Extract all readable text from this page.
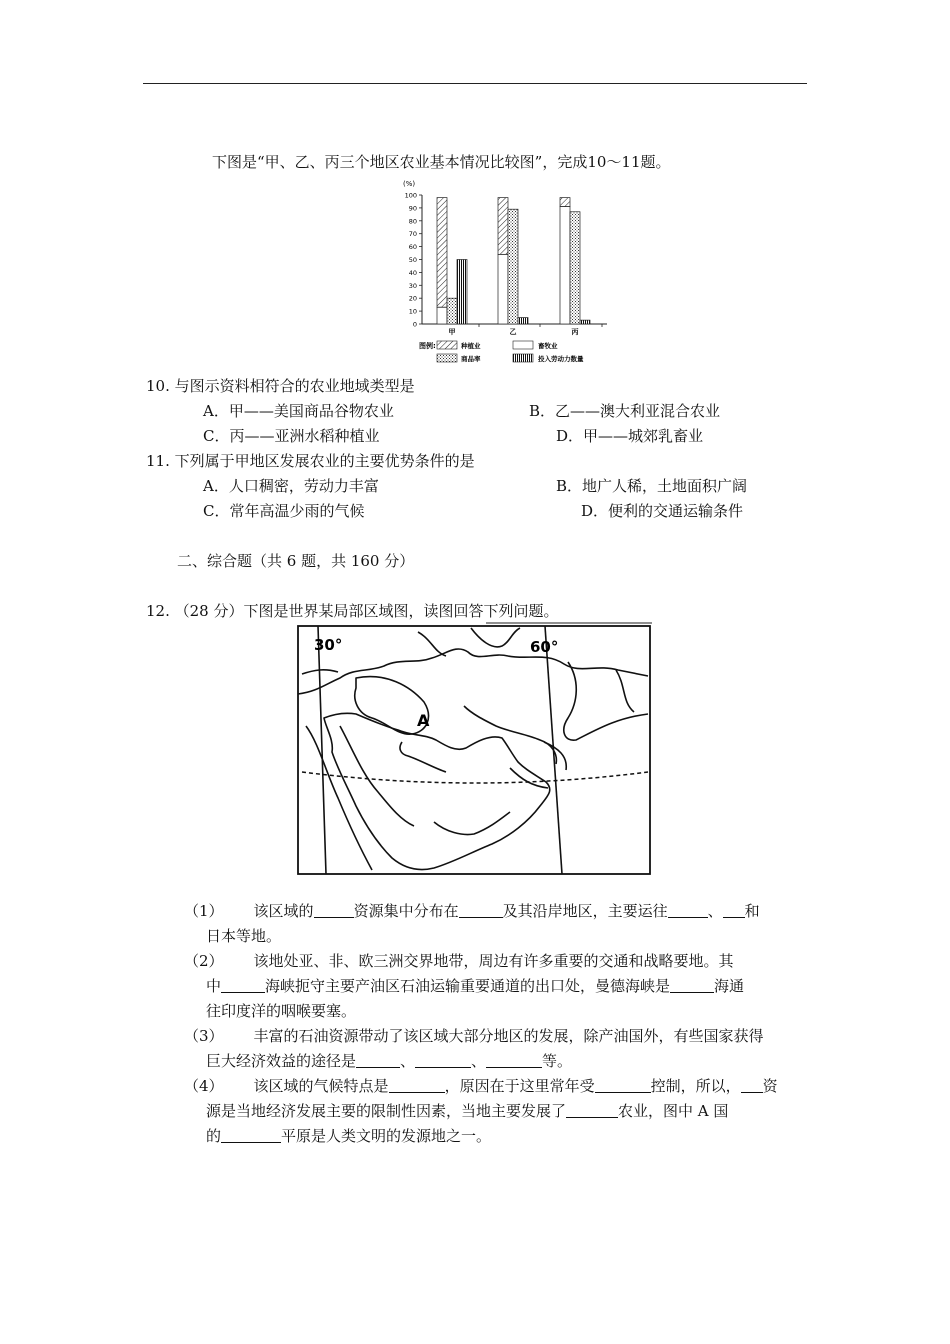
下图是“甲、乙、丙三个地区农业基本情况比较图”，完成10～11题。
(%)
0
10
20
30
40
50
60
70
80
90
100
甲	乙	丙
图例:	种植业	畜牧业
商品率	投入劳动力数量
10. 与图示资料相符合的农业地域类型是
A．甲——美国商品谷物农业	B．乙——澳大利亚混合农业
C．丙——亚洲水稻种植业	D．甲——城郊乳畜业
11. 下列属于甲地区发展农业的主要优势条件的是
A．人口稠密，劳动力丰富	B．地广人稀，土地面积广阔
C．常年高温少雨的气候	D．便利的交通运输条件
二、综合题（共 6 题，共 160 分）
12. （28 分）下图是世界某局部区域图，读图回答下列问题。
30°	60°
A
（1） 该区域的	资源集中分布在	及其沿岸地区，主要运往	、 和
日本等地。
（2） 该地处亚、非、欧三洲交界地带，周边有许多重要的交通和战略要地。其
中	海峡扼守主要产油区石油运输重要通道的出口处，曼德海峡是	海通
往印度洋的咽喉要塞。
（3） 丰富的石油资源带动了该区域大部分地区的发展，除产油国外，有些国家获得
巨大经济效益的途径是	、	、	等。
（4） 该区域的气候特点是	，原因在于这里常年受	控制，所以， 资
源是当地经济发展主要的限制性因素，当地主要发展了	农业，图中 A 国
的	平原是人类文明的发源地之一。
